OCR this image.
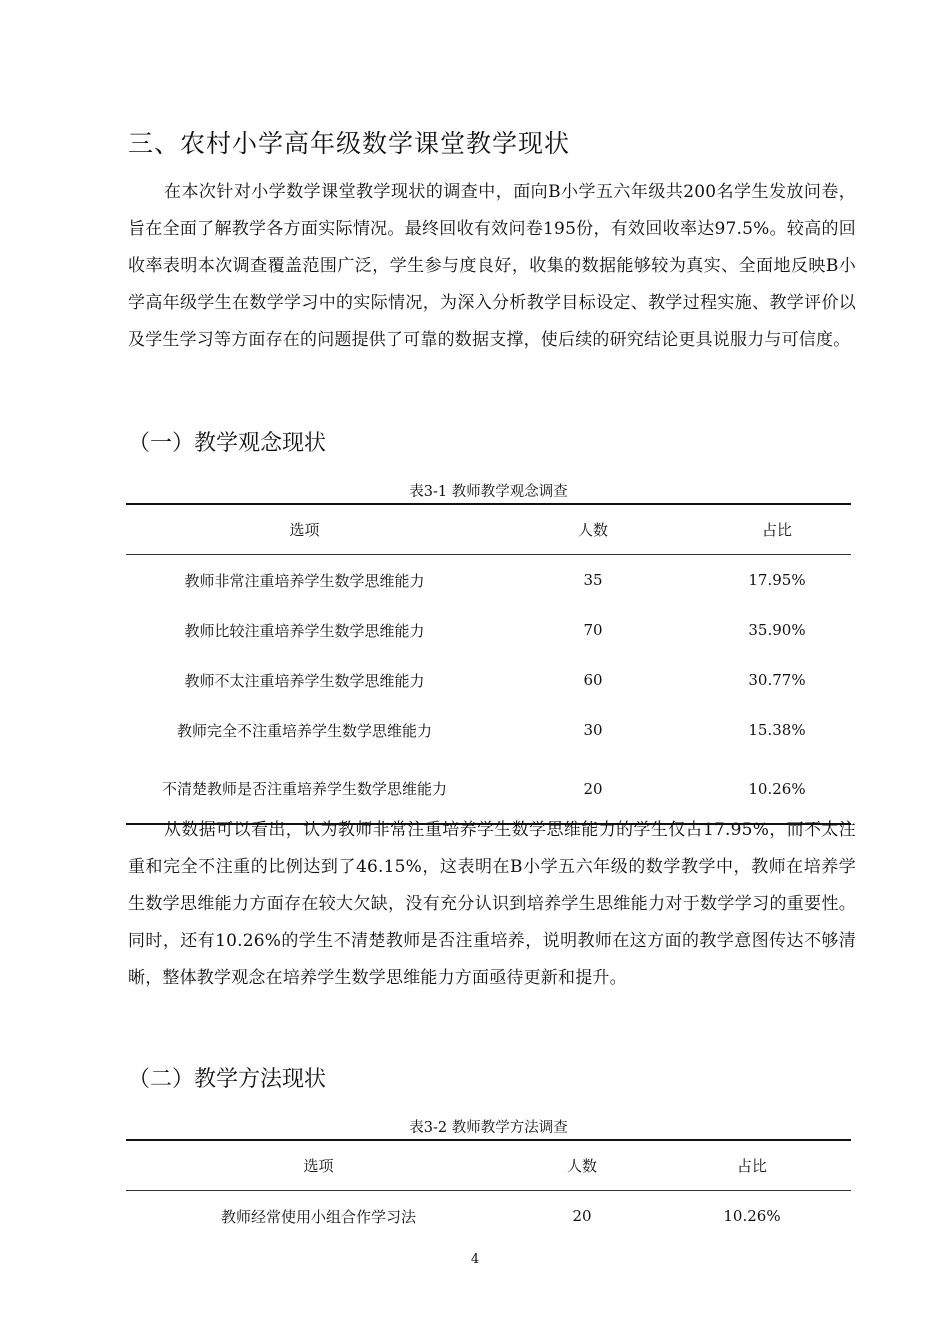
三、农村小学高年级数学课堂教学现状
在本次针对小学数学课堂教学现状的调查中，面向B小学五六年级共200名学生发放问卷，旨在全面了解教学各方面实际情况。最终回收有效问卷195份，有效回收率达97.5%。较高的回收率表明本次调查覆盖范围广泛，学生参与度良好，收集的数据能够较为真实、全面地反映B小学高年级学生在数学学习中的实际情况，为深入分析教学目标设定、教学过程实施、教学评价以及学生学习等方面存在的问题提供了可靠的数据支撑，使后续的研究结论更具说服力与可信度。
（一）教学观念现状
表3-1 教师教学观念调查
选项	人数	占比
教师非常注重培养学生数学思维能力	35	17.95%
教师比较注重培养学生数学思维能力	70	35.90%
教师不太注重培养学生数学思维能力	60	30.77%
教师完全不注重培养学生数学思维能力	30	15.38%
不清楚教师是否注重培养学生数学思维能力	20	10.26%
从数据可以看出，认为教师非常注重培养学生数学思维能力的学生仅占17.95%，而不太注重和完全不注重的比例达到了46.15%，这表明在B小学五六年级的数学教学中，教师在培养学生数学思维能力方面存在较大欠缺，没有充分认识到培养学生思维能力对于数学学习的重要性。同时，还有10.26%的学生不清楚教师是否注重培养，说明教师在这方面的教学意图传达不够清晰，整体教学观念在培养学生数学思维能力方面亟待更新和提升。
（二）教学方法现状
表3-2 教师教学方法调查
选项	人数	占比
教师经常使用小组合作学习法	20	10.26%
4
